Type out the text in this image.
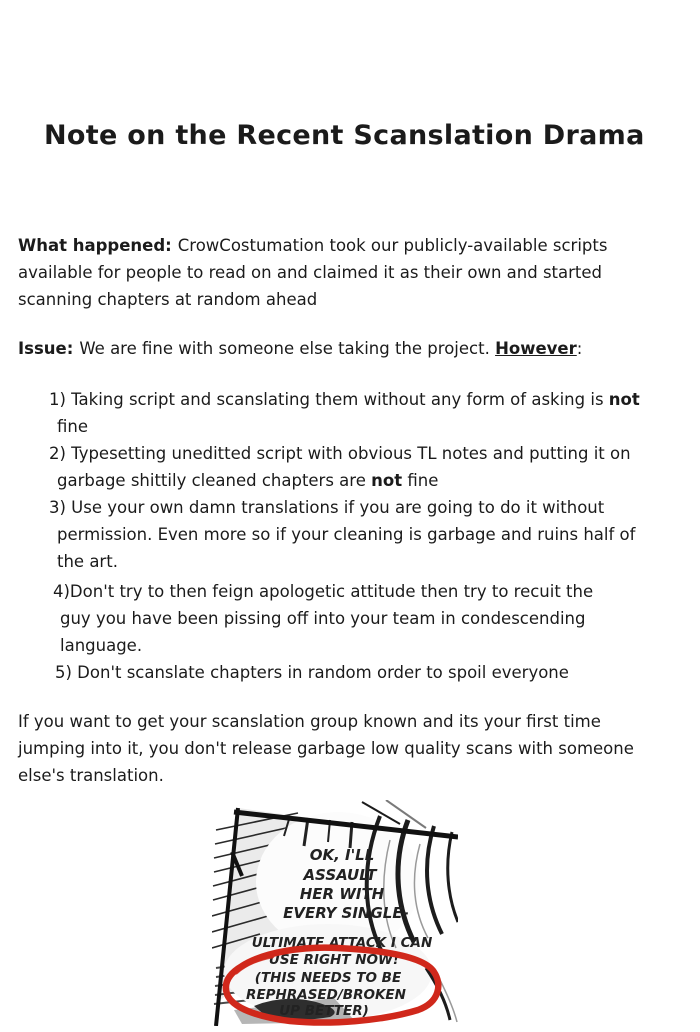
Note on the Recent Scanslation Drama

What happened: CrowCostumation took our publicly-available scripts
available for people to read on and claimed it as their own and started
scanning chapters at random ahead

Issue: We are fine with someone else taking the project. However:

1) Taking script and scanslating them without any form of asking is not
fine
2) Typesetting uneditted script with obvious TL notes and putting it on
garbage shittily cleaned chapters are not fine
3) Use your own damn translations if you are going to do it without
permission. Even more so if your cleaning is garbage and ruins half of
the art.
4)Don't try to then feign apologetic attitude then try to recuit the
guy you have been pissing off into your team in condescending
language.
5) Don't scanslate chapters in random order to spoil everyone

If you want to get your scanslation group known and its your first time
jumping into it, you don't release garbage low quality scans with someone
else's translation.

OK, I'LL
ASSAULT
HER WITH
EVERY SINGLE-
ULTIMATE ATTACK I CAN
USE RIGHT NOW!
(THIS NEEDS TO BE
REPHRASED/BROKEN
UP BETTER)
